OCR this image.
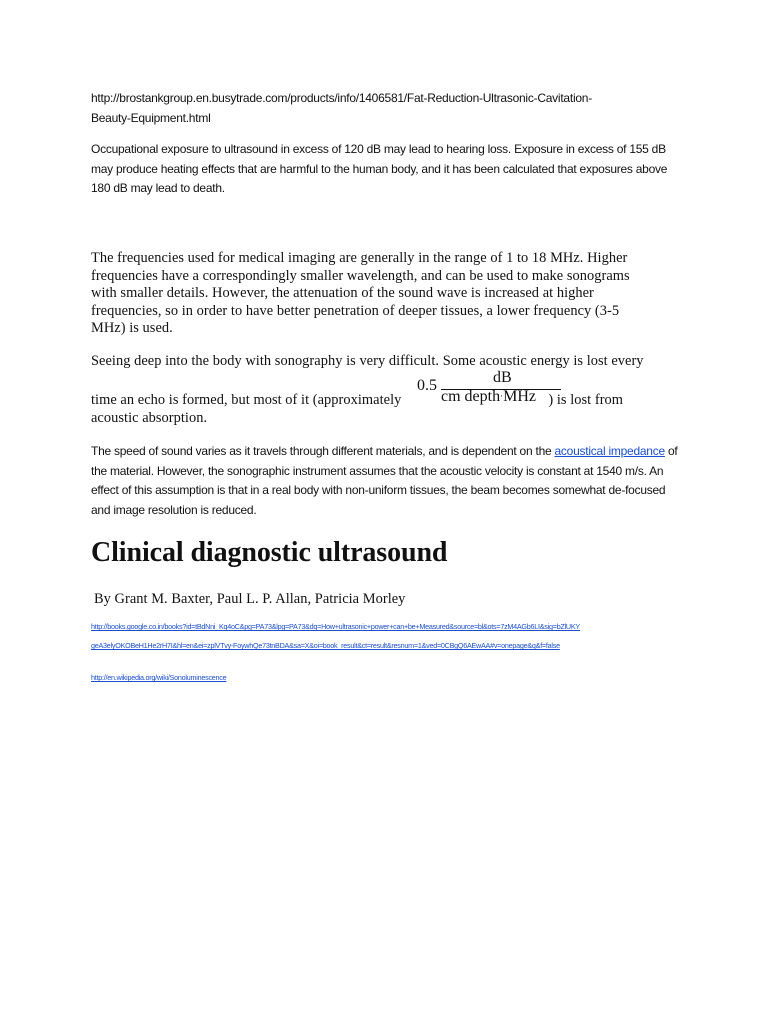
http://brostankgroup.en.busytrade.com/products/info/1406581/Fat-Reduction-Ultrasonic-Cavitation-
Beauty-Equipment.html

Occupational exposure to ultrasound in excess of 120 dB may lead to hearing loss. Exposure in excess of 155 dB may produce heating effects that are harmful to the human body, and it has been calculated that exposures above 180 dB may lead to death.

The frequencies used for medical imaging are generally in the range of 1 to 18 MHz. Higher frequencies have a correspondingly smaller wavelength, and can be used to make sonograms with smaller details. However, the attenuation of the sound wave is increased at higher frequencies, so in order to have better penetration of deeper tissues, a lower frequency (3-5 MHz) is used.

Seeing deep into the body with sonography is very difficult. Some acoustic energy is lost every
0.5	dB
cm depth·MHz
time an echo is formed, but most of it (approximately	) is lost from
acoustic absorption.

The speed of sound varies as it travels through different materials, and is dependent on the acoustical impedance of the material. However, the sonographic instrument assumes that the acoustic velocity is constant at 1540 m/s. An effect of this assumption is that in a real body with non-uniform tissues, the beam becomes somewhat de-focused and image resolution is reduced.

Clinical diagnostic ultrasound
By Grant M. Baxter, Paul L. P. Allan, Patricia Morley
http://books.google.co.in/books?id=tBdNni_Kq4oC&pg=PA73&lpg=PA73&dq=How+ultrasonic+power+can+be+Measured&source=bl&ots=7zM4AGb6LI&sig=bZlUKY
geA3elyOKOBeH1He2rH7I&hl=en&ei=zplVTvy-FoywhQe73tnBDA&sa=X&oi=book_result&ct=result&resnum=1&ved=0CBgQ6AEwAA#v=onepage&q&f=false
http://en.wikipedia.org/wiki/Sonoluminescence
